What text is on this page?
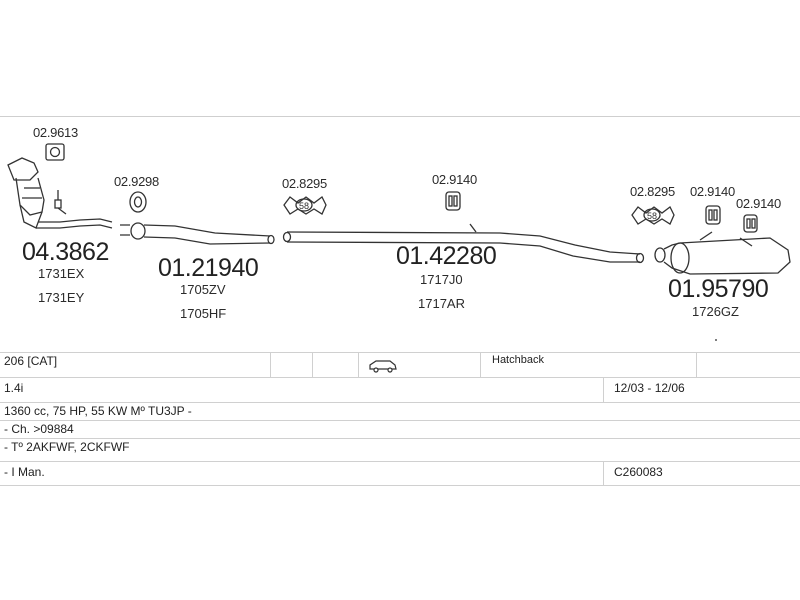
58
58
02.9613
04.3862
1731EX
1731EY
02.9298
01.21940
1705ZV
1705HF
02.8295	02.9140
01.42280
1717J0
1717AR
02.8295 02.9140
02.9140
01.95790
1726GZ
206 [CAT]	Hatchback
1.4i	12/03 - 12/06
1360 cc, 75 HP, 55 KW Mº TU3JP -
- Ch. >09884
- Tº 2AKFWF, 2CKFWF
- I Man.	C260083
